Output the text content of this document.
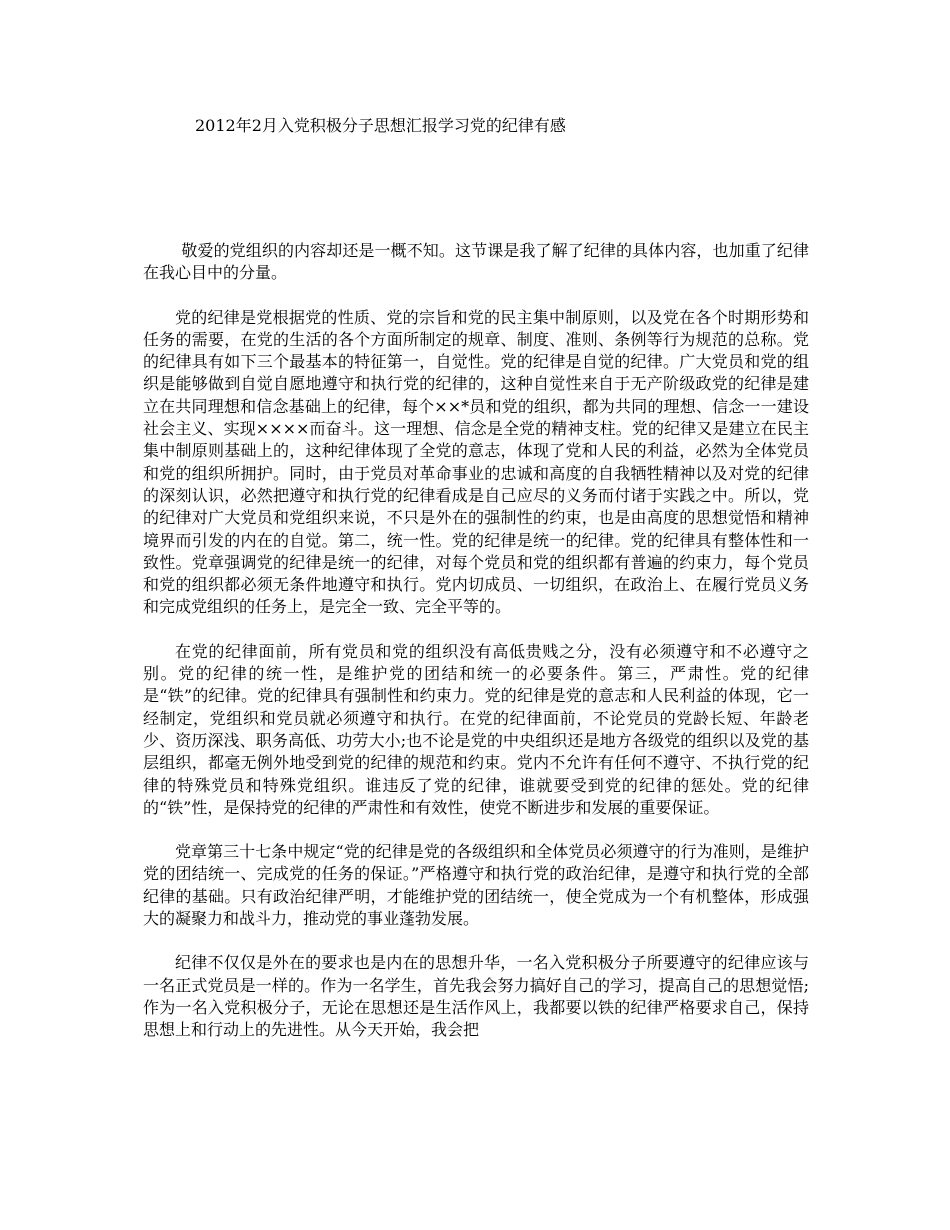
2012年2月入党积极分子思想汇报学习党的纪律有感

敬爱的党组织的内容却还是一概不知。这节课是我了解了纪律的具体内容，也加重了纪律在我心目中的分量。

党的纪律是党根据党的性质、党的宗旨和党的民主集中制原则，以及党在各个时期形势和任务的需要，在党的生活的各个方面所制定的规章、制度、准则、条例等行为规范的总称。党的纪律具有如下三个最基本的特征第一，自觉性。党的纪律是自觉的纪律。广大党员和党的组织是能够做到自觉自愿地遵守和执行党的纪律的，这种自觉性来自于无产阶级政党的纪律是建立在共同理想和信念基础上的纪律，每个××*员和党的组织，都为共同的理想、信念一一建设社会主义、实现××××而奋斗。这一理想、信念是全党的精神支柱。党的纪律又是建立在民主集中制原则基础上的，这种纪律体现了全党的意志，体现了党和人民的利益，必然为全体党员和党的组织所拥护。同时，由于党员对革命事业的忠诚和高度的自我牺牲精神以及对党的纪律的深刻认识，必然把遵守和执行党的纪律看成是自己应尽的义务而付诸于实践之中。所以，党的纪律对广大党员和党组织来说，不只是外在的强制性的约束，也是由高度的思想觉悟和精神境界而引发的内在的自觉。第二，统一性。党的纪律是统一的纪律。党的纪律具有整体性和一致性。党章强调党的纪律是统一的纪律，对每个党员和党的组织都有普遍的约束力，每个党员和党的组织都必须无条件地遵守和执行。党内切成员、一切组织，在政治上、在履行党员义务和完成党组织的任务上，是完全一致、完全平等的。

在党的纪律面前，所有党员和党的组织没有高低贵贱之分，没有必须遵守和不必遵守之别。党的纪律的统一性，是维护党的团结和统一的必要条件。第三，严肃性。党的纪律是“铁”的纪律。党的纪律具有强制性和约束力。党的纪律是党的意志和人民利益的体现，它一经制定，党组织和党员就必须遵守和执行。在党的纪律面前，不论党员的党龄长短、年龄老少、资历深浅、职务高低、功劳大小;也不论是党的中央组织还是地方各级党的组织以及党的基层组织，都毫无例外地受到党的纪律的规范和约束。党内不允许有任何不遵守、不执行党的纪律的特殊党员和特殊党组织。谁违反了党的纪律，谁就要受到党的纪律的惩处。党的纪律的“铁”性，是保持党的纪律的严肃性和有效性，使党不断进步和发展的重要保证。

党章第三十七条中规定“党的纪律是党的各级组织和全体党员必须遵守的行为准则，是维护党的团结统一、完成党的任务的保证。”严格遵守和执行党的政治纪律，是遵守和执行党的全部纪律的基础。只有政治纪律严明，才能维护党的团结统一，使全党成为一个有机整体，形成强大的凝聚力和战斗力，推动党的事业蓬勃发展。

纪律不仅仅是外在的要求也是内在的思想升华，一名入党积极分子所要遵守的纪律应该与一名正式党员是一样的。作为一名学生，首先我会努力搞好自己的学习，提高自己的思想觉悟;作为一名入党积极分子，无论在思想还是生活作风上，我都要以铁的纪律严格要求自己，保持思想上和行动上的先进性。从今天开始，我会把
